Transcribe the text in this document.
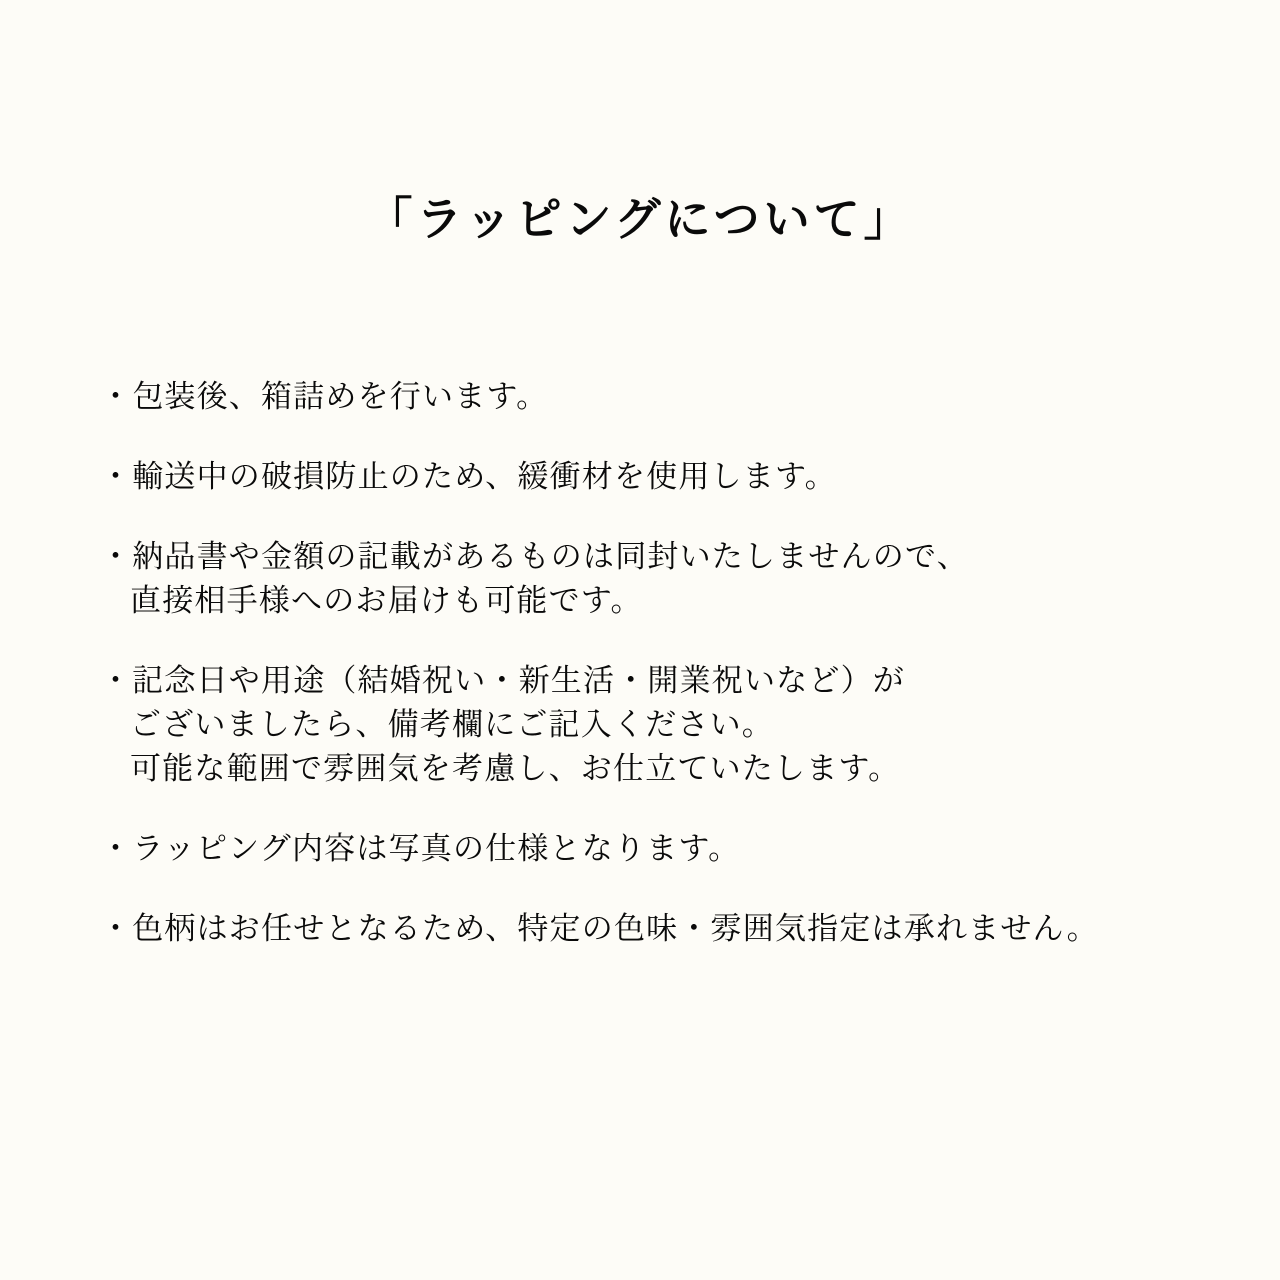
「ラッピングについて」
・包装後、箱詰めを行います。
・輸送中の破損防止のため、緩衝材を使用します。
・納品書や金額の記載があるものは同封いたしませんので、
直接相手様へのお届けも可能です。
・記念日や用途（結婚祝い・新生活・開業祝いなど）が
ございましたら、備考欄にご記入ください。
可能な範囲で雰囲気を考慮し、お仕立ていたします。
・ラッピング内容は写真の仕様となります。
・色柄はお任せとなるため、特定の色味・雰囲気指定は承れません。
